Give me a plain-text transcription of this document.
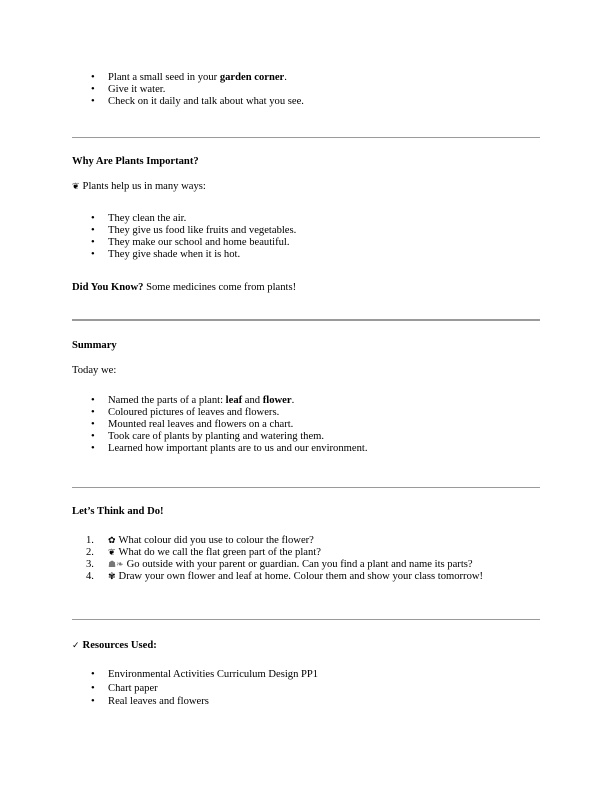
• Plant a small seed in your garden corner.
• Give it water.
• Check on it daily and talk about what you see.
Why Are Plants Important?
❦ Plants help us in many ways:
• They clean the air.
• They give us food like fruits and vegetables.
• They make our school and home beautiful.
• They give shade when it is hot.
Did You Know? Some medicines come from plants!
Summary
Today we:
• Named the parts of a plant: leaf and flower.
• Coloured pictures of leaves and flowers.
• Mounted real leaves and flowers on a chart.
• Took care of plants by planting and watering them.
• Learned how important plants are to us and our environment.
Let’s Think and Do!
1. ✿ What colour did you use to colour the flower?
2. ❦ What do we call the flat green part of the plant?
3. ☗❧ Go outside with your parent or guardian. Can you find a plant and name its parts?
4. ✾ Draw your own flower and leaf at home. Colour them and show your class tomorrow!
✓ Resources Used:
• Environmental Activities Curriculum Design PP1
• Chart paper
• Real leaves and flowers
